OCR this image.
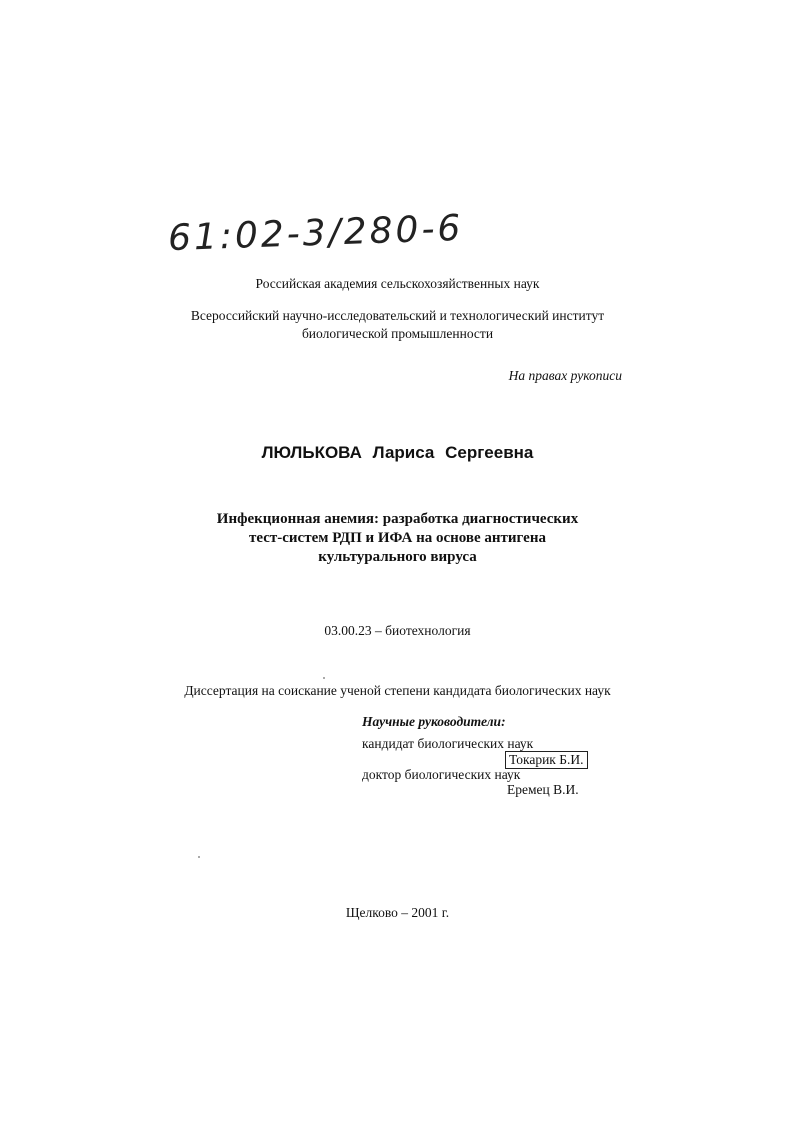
61:02-3/280-6
Российская академия сельскохозяйственных наук
Всероссийский научно-исследовательский и технологический институт
биологической промышленности
На правах рукописи
ЛЮЛЬКОВА Лариса Сергеевна
Инфекционная анемия: разработка диагностических
тест-систем РДП и ИФА на основе антигена
культурального вируса
03.00.23 – биотехнология
Диссертация на соискание ученой степени кандидата биологических наук
Научные руководители:
кандидат биологических наук
Токарик Б.И.
доктор биологических наук
Еремец В.И.
Щелково – 2001 г.
